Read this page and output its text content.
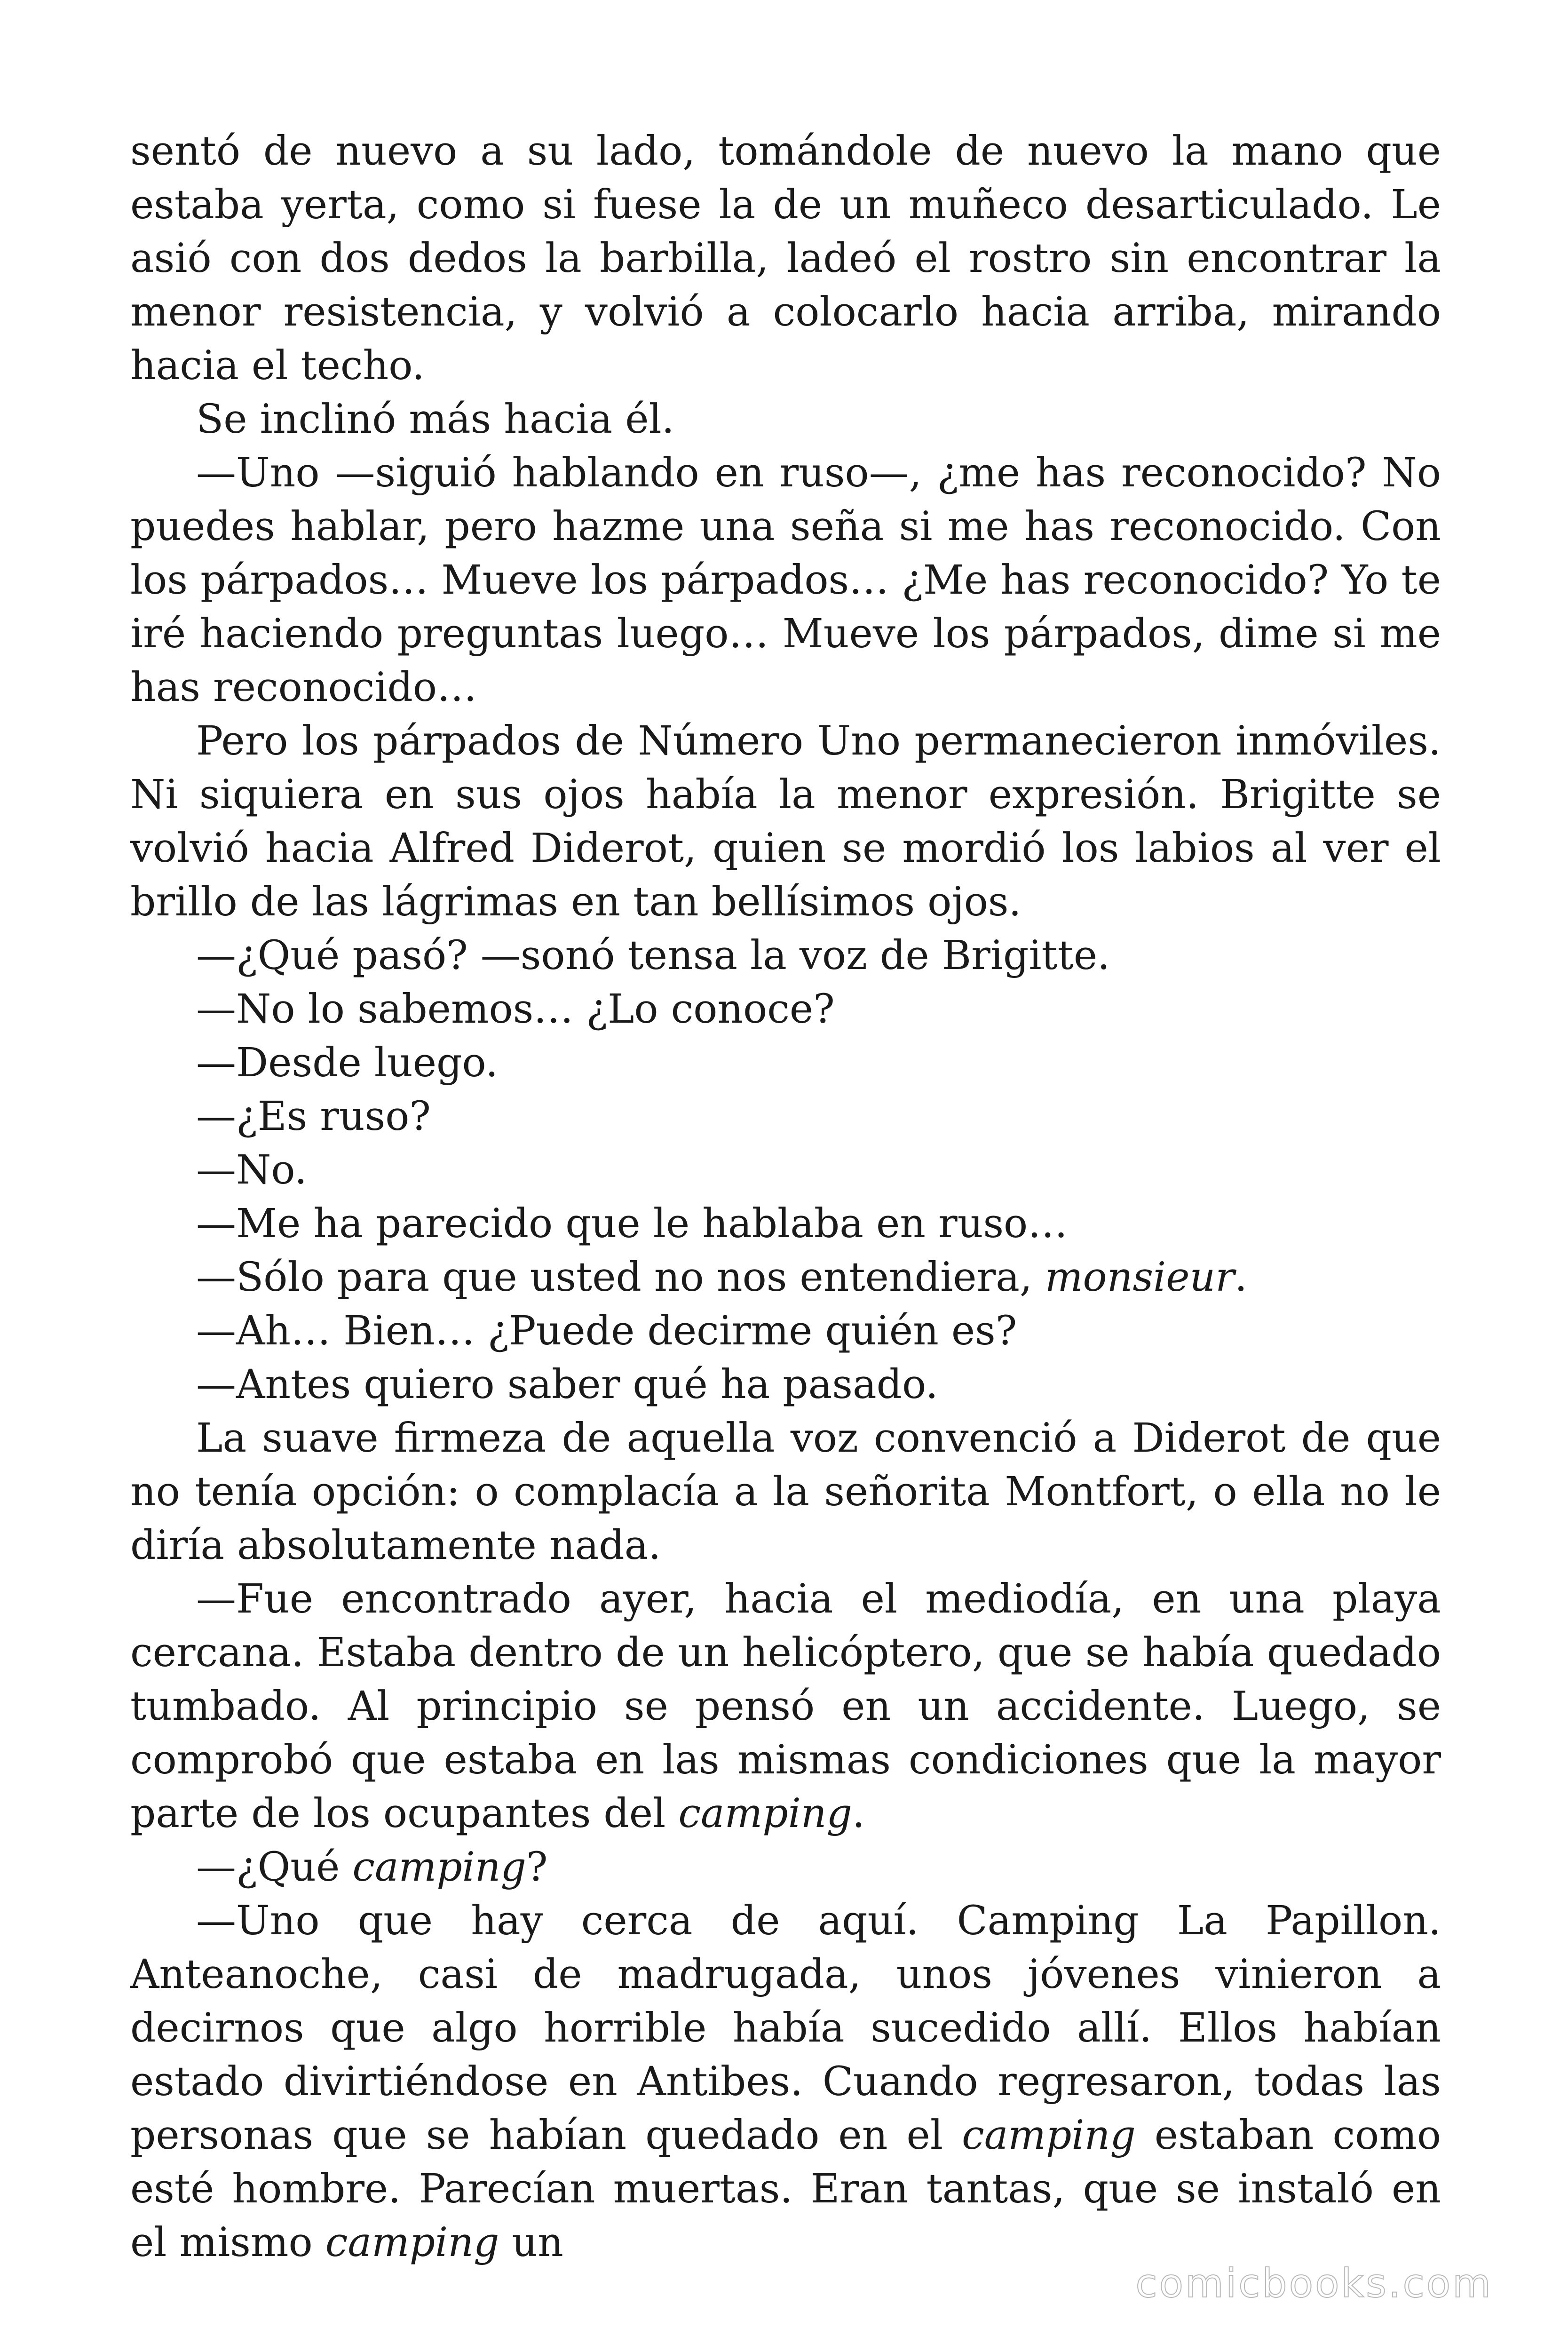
sentó de nuevo a su lado, tomándole de nuevo la mano que estaba yerta, como si fuese la de un muñeco desarticulado. Le asió con dos dedos la barbilla, ladeó el rostro sin encontrar la menor resistencia, y volvió a colocarlo hacia arriba, mirando hacia el techo.

Se inclinó más hacia él.

—Uno —siguió hablando en ruso—, ¿me has reconocido? No puedes hablar, pero hazme una seña si me has reconocido. Con los párpados… Mueve los párpados… ¿Me has reconocido? Yo te iré haciendo preguntas luego… Mueve los párpados, dime si me has reconocido…

Pero los párpados de Número Uno permanecieron inmóviles. Ni siquiera en sus ojos había la menor expresión. Brigitte se volvió hacia Alfred Diderot, quien se mordió los labios al ver el brillo de las lágrimas en tan bellísimos ojos.

—¿Qué pasó? —sonó tensa la voz de Brigitte.

—No lo sabemos… ¿Lo conoce?

—Desde luego.

—¿Es ruso?

—No.

—Me ha parecido que le hablaba en ruso…

—Sólo para que usted no nos entendiera, monsieur.

—Ah… Bien… ¿Puede decirme quién es?

—Antes quiero saber qué ha pasado.

La suave firmeza de aquella voz convenció a Diderot de que no tenía opción: o complacía a la señorita Montfort, o ella no le diría absolutamente nada.

—Fue encontrado ayer, hacia el mediodía, en una playa cercana. Estaba dentro de un helicóptero, que se había quedado tumbado. Al principio se pensó en un accidente. Luego, se comprobó que estaba en las mismas condiciones que la mayor parte de los ocupantes del camping.

—¿Qué camping?

—Uno que hay cerca de aquí. Camping La Papillon. Anteanoche, casi de madrugada, unos jóvenes vinieron a decirnos que algo horrible había sucedido allí. Ellos habían estado divirtiéndose en Antibes. Cuando regresaron, todas las personas que se habían quedado en el camping estaban como esté hombre. Parecían muertas. Eran tantas, que se instaló en el mismo camping un

comicbooks.com
